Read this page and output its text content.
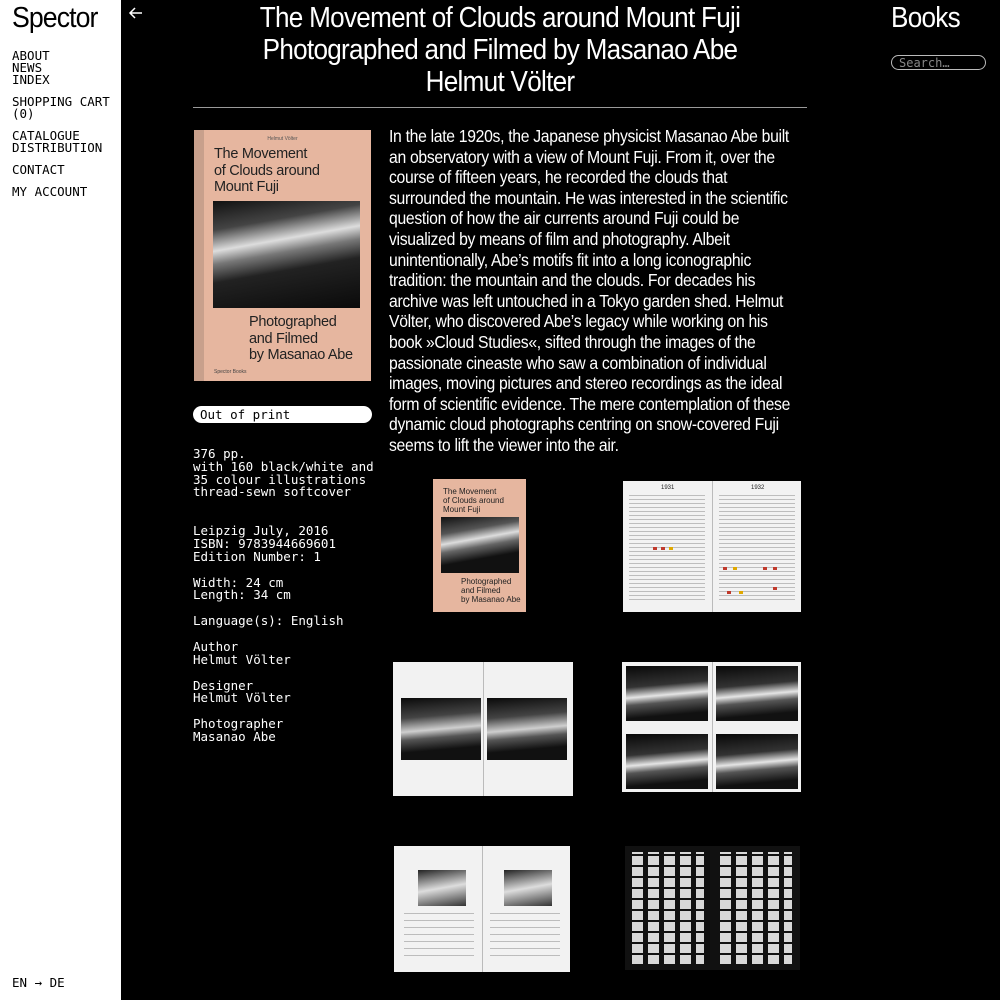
Spector
ABOUT
NEWS
INDEX
SHOPPING CART
(0)
CATALOGUE
DISTRIBUTION
CONTACT
MY ACCOUNT
EN → DE
The Movement of Clouds around Mount Fuji
Photographed and Filmed by Masanao Abe
Helmut Völter
Books
Search…
Helmut Völter
The Movement
of Clouds around
Mount Fuji
Photographed
and Filmed
by Masanao Abe
Spector Books
Out of print
376 pp.
with 160 black/white and
35 colour illustrations
thread-sewn softcover
Leipzig July, 2016
ISBN: 9783944669601
Edition Number: 1
Width: 24 cm
Length: 34 cm
Language(s): English
Author
Helmut Völter
Designer
Helmut Völter
Photographer
Masanao Abe
In the late 1920s, the Japanese physicist Masanao Abe built
an observatory with a view of Mount Fuji. From it, over the
course of fifteen years, he recorded the clouds that
surrounded the mountain. He was interested in the scientific
question of how the air currents around Fuji could be
visualized by means of film and photography. Albeit
unintentionally, Abe’s motifs fit into a long iconographic
tradition: the mountain and the clouds. For decades his
archive was left untouched in a Tokyo garden shed. Helmut
Völter, who discovered Abe’s legacy while working on his
book »Cloud Studies«, sifted through the images of the
passionate cineaste who saw a combination of individual
images, moving pictures and stereo recordings as the ideal
form of scientific evidence. The mere contemplation of these
dynamic cloud photographs centring on snow-covered Fuji
seems to lift the viewer into the air.
The Movement
of Clouds around
Mount Fuji
Photographed
and Filmed
by Masanao Abe
1931	1932
